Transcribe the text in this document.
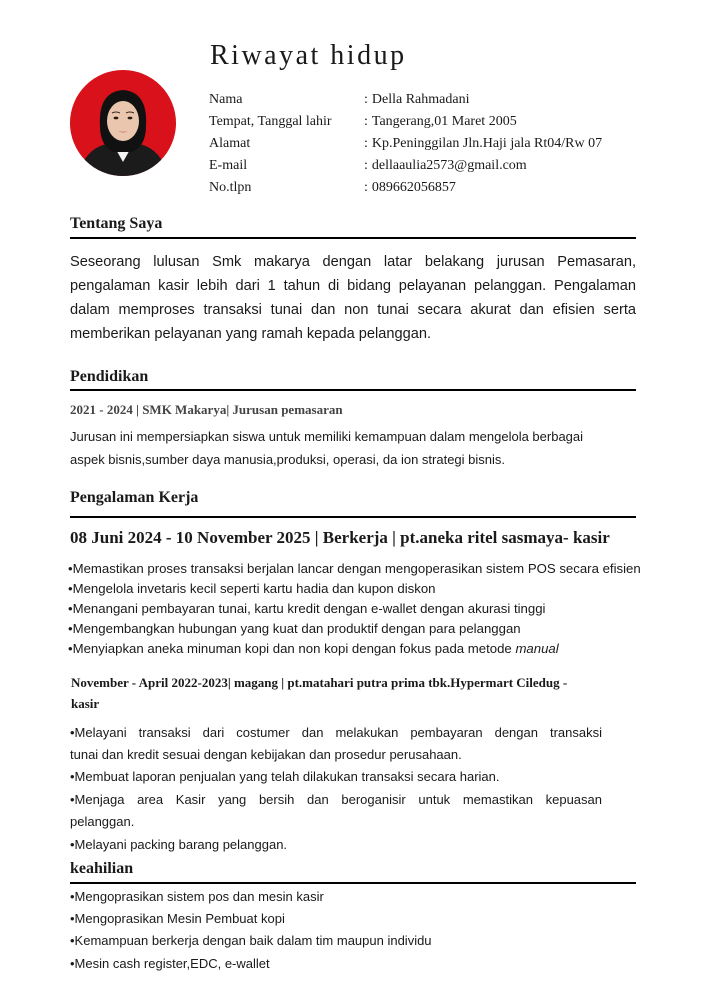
Riwayat hidup
Nama	: Della Rahmadani
Tempat, Tanggal lahir : Tangerang,01 Maret 2005
Alamat	: Kp.Peninggilan Jln.Haji jala Rt04/Rw 07
E-mail	: dellaaulia2573@gmail.com
No.tlpn	: 089662056857
Tentang Saya
Seseorang lulusan Smk makarya dengan latar belakang jurusan Pemasaran,
pengalaman kasir lebih dari 1 tahun di bidang pelayanan pelanggan. Pengalaman
dalam memproses transaksi tunai dan non tunai secara akurat dan efisien serta
memberikan pelayanan yang ramah kepada pelanggan.
Pendidikan
2021 - 2024 | SMK Makarya| Jurusan pemasaran
Jurusan ini mempersiapkan siswa untuk memiliki kemampuan dalam mengelola berbagai
aspek bisnis,sumber daya manusia,produksi, operasi, da ion strategi bisnis.
Pengalaman Kerja
08 Juni 2024 - 10 November 2025 | Berkerja | pt.aneka ritel sasmaya- kasir
•Memastikan proses transaksi berjalan lancar dengan mengoperasikan sistem POS secara efisien
•Mengelola invetaris kecil seperti kartu hadia dan kupon diskon
•Menangani pembayaran tunai, kartu kredit dengan e-wallet dengan akurasi tinggi
•Mengembangkan hubungan yang kuat dan produktif dengan para pelanggan
•Menyiapkan aneka minuman kopi dan non kopi dengan fokus pada metode manual
November - April 2022-2023| magang | pt.matahari putra prima tbk.Hypermart Ciledug -
kasir
•Melayani transaksi dari costumer dan melakukan pembayaran dengan transaksi
tunai dan kredit sesuai dengan kebijakan dan prosedur perusahaan.
•Membuat laporan penjualan yang telah dilakukan transaksi secara harian.
•Menjaga area Kasir yang bersih dan beroganisir untuk memastikan kepuasan
pelanggan.
•Melayani packing barang pelanggan.
keahilian
•Mengoprasikan sistem pos dan mesin kasir
•Mengoprasikan Mesin Pembuat kopi
•Kemampuan berkerja dengan baik dalam tim maupun individu
•Mesin cash register,EDC, e-wallet
